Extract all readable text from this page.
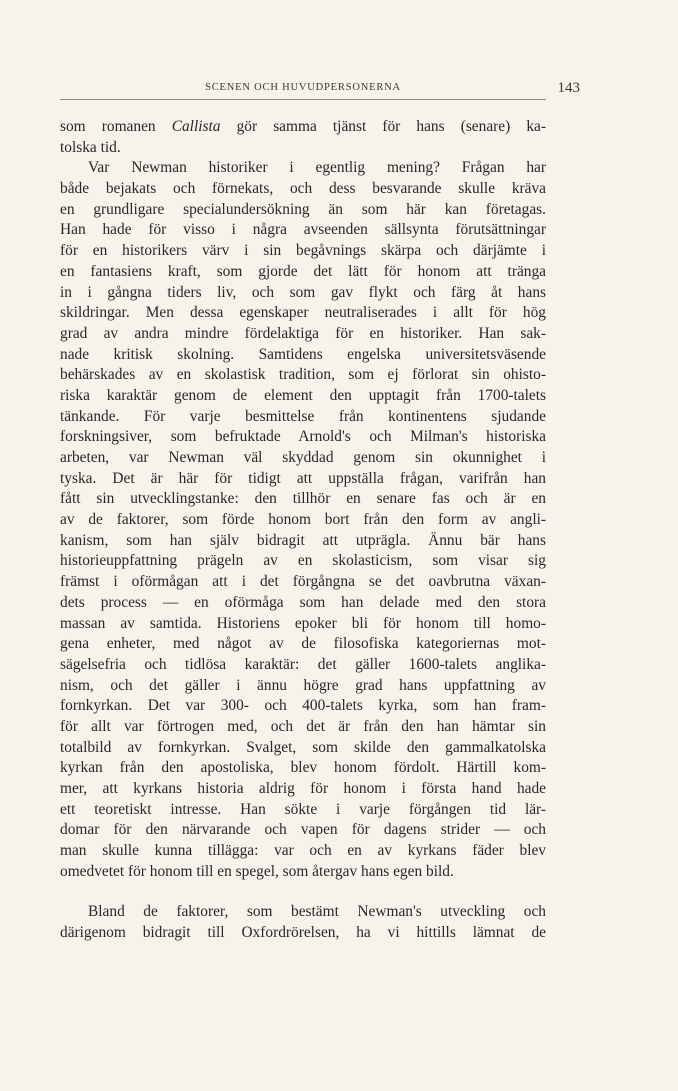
SCENEN OCH HUVUDPERSONERNA	143
som romanen Callista gör samma tjänst för hans (senare) ka-
tolska tid.
Var Newman historiker i egentlig mening? Frågan har
både bejakats och förnekats, och dess besvarande skulle kräva
en grundligare specialundersökning än som här kan företagas.
Han hade för visso i några avseenden sällsynta förutsättningar
för en historikers värv i sin begåvnings skärpa och därjämte i
en fantasiens kraft, som gjorde det lätt för honom att tränga
in i gångna tiders liv, och som gav flykt och färg åt hans
skildringar. Men dessa egenskaper neutraliserades i allt för hög
grad av andra mindre fördelaktiga för en historiker. Han sak-
nade kritisk skolning. Samtidens engelska universitetsväsende
behärskades av en skolastisk tradition, som ej förlorat sin ohisto-
riska karaktär genom de element den upptagit från 1700-talets
tänkande. För varje besmittelse från kontinentens sjudande
forskningsiver, som befruktade Arnold's och Milman's historiska
arbeten, var Newman väl skyddad genom sin okunnighet i
tyska. Det är här för tidigt att uppställa frågan, varifrån han
fått sin utvecklingstanke: den tillhör en senare fas och är en
av de faktorer, som förde honom bort från den form av angli-
kanism, som han själv bidragit att utprägla. Ännu bär hans
historieuppfattning prägeln av en skolasticism, som visar sig
främst i oförmågan att i det förgångna se det oavbrutna växan-
dets process — en oförmåga som han delade med den stora
massan av samtida. Historiens epoker bli för honom till homo-
gena enheter, med något av de filosofiska kategoriernas mot-
sägelsefria och tidlösa karaktär: det gäller 1600-talets anglika-
nism, och det gäller i ännu högre grad hans uppfattning av
fornkyrkan. Det var 300- och 400-talets kyrka, som han fram-
för allt var förtrogen med, och det är från den han hämtar sin
totalbild av fornkyrkan. Svalget, som skilde den gammalkatolska
kyrkan från den apostoliska, blev honom fördolt. Härtill kom-
mer, att kyrkans historia aldrig för honom i första hand hade
ett teoretiskt intresse. Han sökte i varje förgången tid lär-
domar för den närvarande och vapen för dagens strider — och
man skulle kunna tillägga: var och en av kyrkans fäder blev
omedvetet för honom till en spegel, som återgav hans egen bild.
Bland de faktorer, som bestämt Newman's utveckling och
därigenom bidragit till Oxfordrörelsen, ha vi hittills lämnat de
